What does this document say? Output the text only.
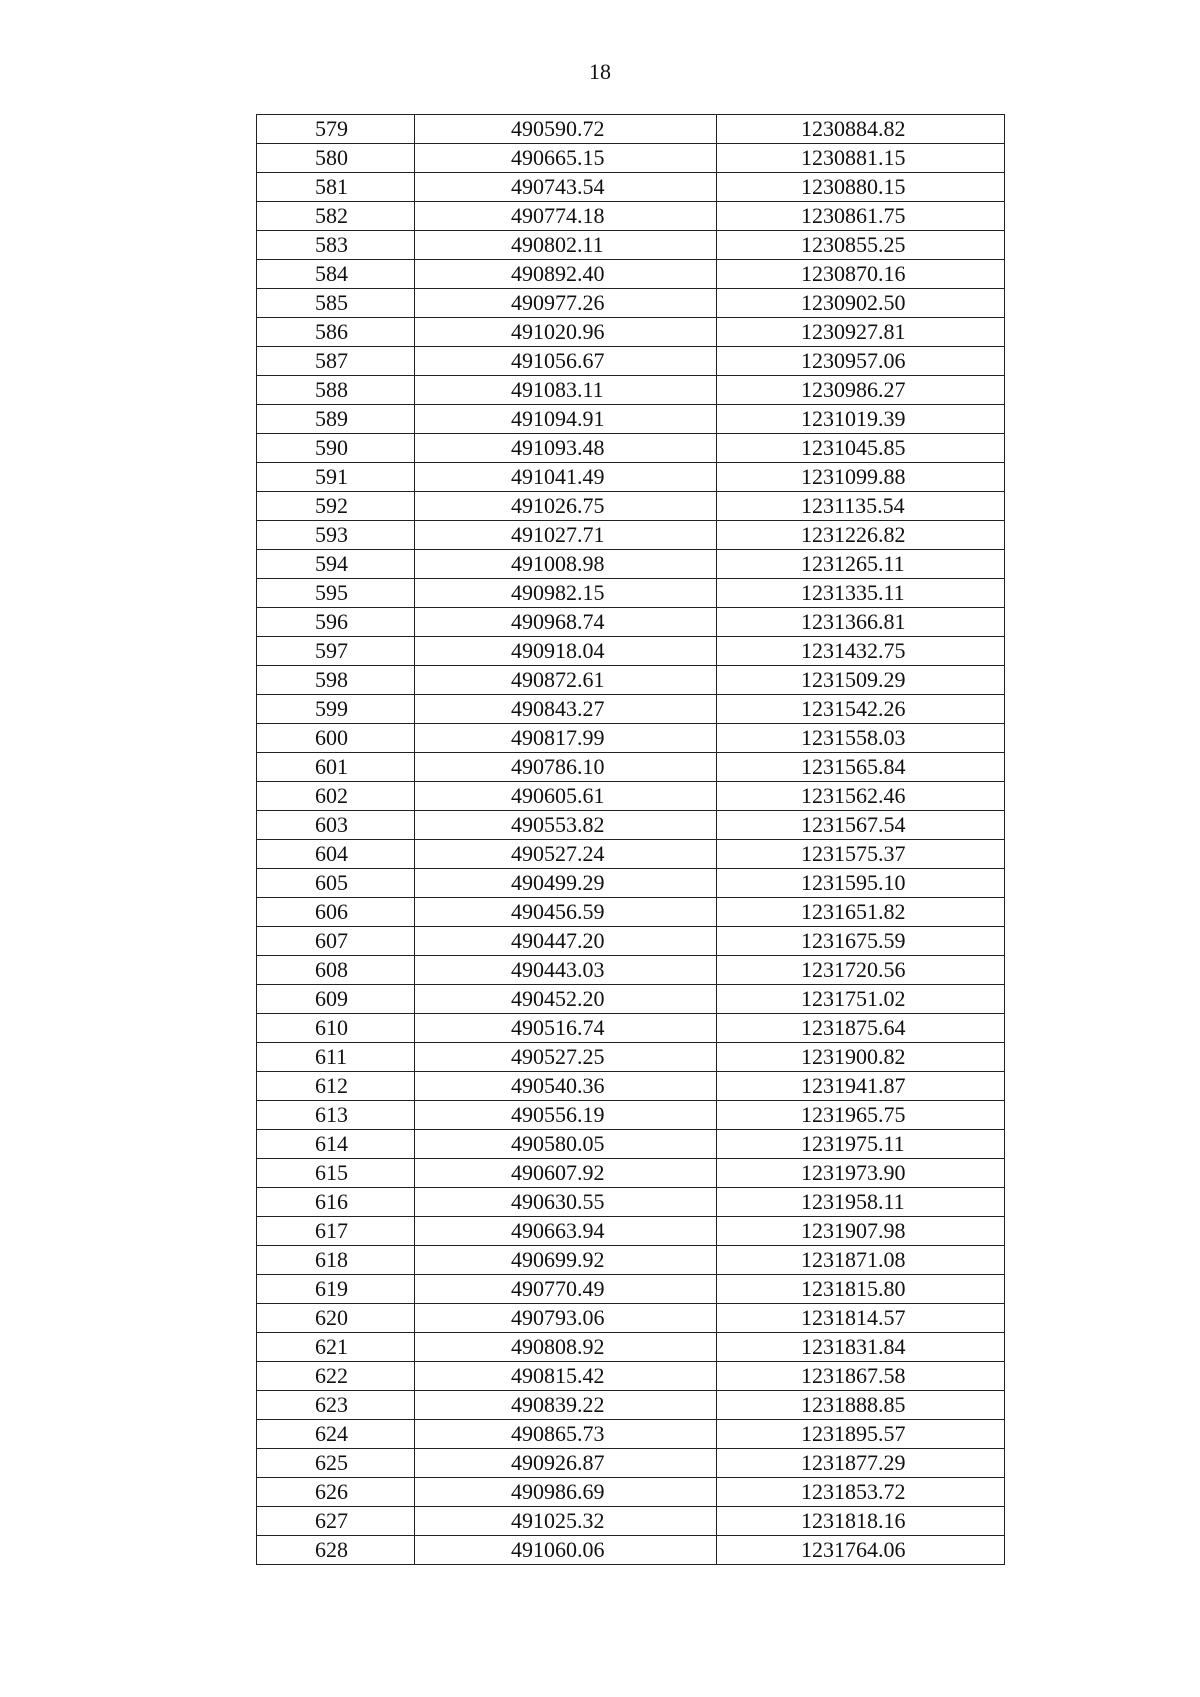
18
579	490590.72	1230884.82
580	490665.15	1230881.15
581	490743.54	1230880.15
582	490774.18	1230861.75
583	490802.11	1230855.25
584	490892.40	1230870.16
585	490977.26	1230902.50
586	491020.96	1230927.81
587	491056.67	1230957.06
588	491083.11	1230986.27
589	491094.91	1231019.39
590	491093.48	1231045.85
591	491041.49	1231099.88
592	491026.75	1231135.54
593	491027.71	1231226.82
594	491008.98	1231265.11
595	490982.15	1231335.11
596	490968.74	1231366.81
597	490918.04	1231432.75
598	490872.61	1231509.29
599	490843.27	1231542.26
600	490817.99	1231558.03
601	490786.10	1231565.84
602	490605.61	1231562.46
603	490553.82	1231567.54
604	490527.24	1231575.37
605	490499.29	1231595.10
606	490456.59	1231651.82
607	490447.20	1231675.59
608	490443.03	1231720.56
609	490452.20	1231751.02
610	490516.74	1231875.64
611	490527.25	1231900.82
612	490540.36	1231941.87
613	490556.19	1231965.75
614	490580.05	1231975.11
615	490607.92	1231973.90
616	490630.55	1231958.11
617	490663.94	1231907.98
618	490699.92	1231871.08
619	490770.49	1231815.80
620	490793.06	1231814.57
621	490808.92	1231831.84
622	490815.42	1231867.58
623	490839.22	1231888.85
624	490865.73	1231895.57
625	490926.87	1231877.29
626	490986.69	1231853.72
627	491025.32	1231818.16
628	491060.06	1231764.06
